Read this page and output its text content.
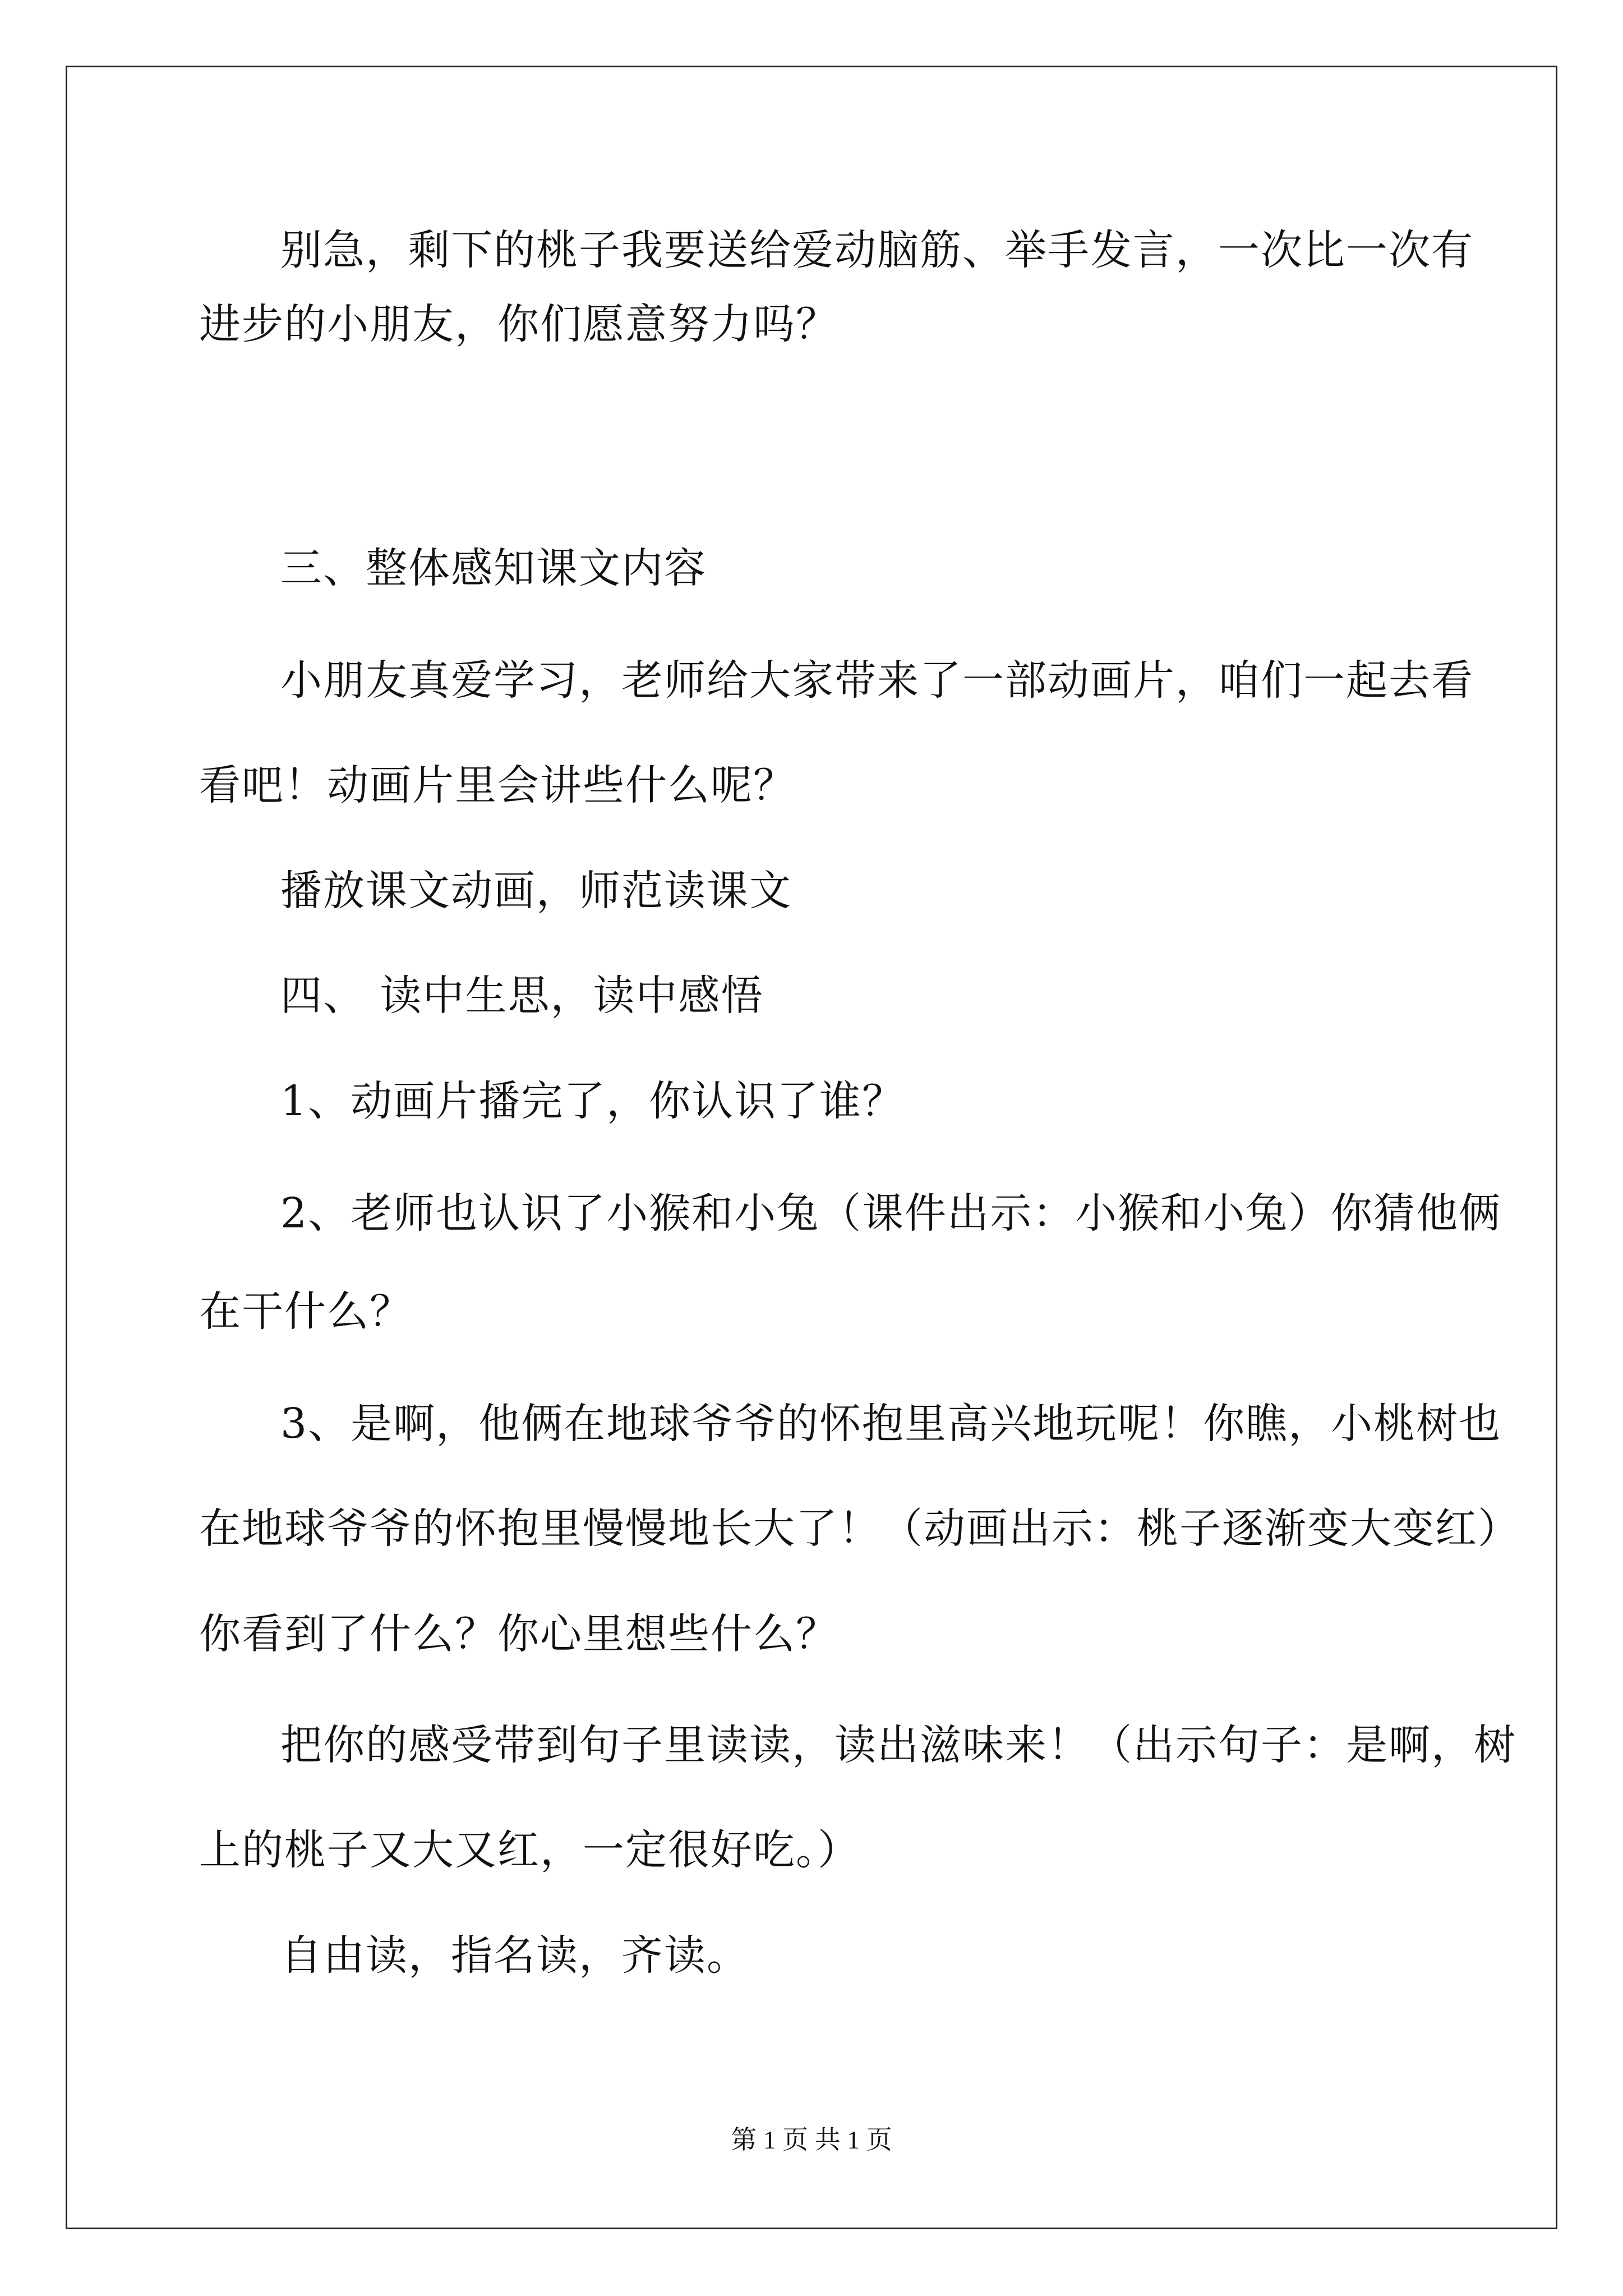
别急，剩下的桃子我要送给爱动脑筋、举手发言，一次比一次有
进步的小朋友，你们愿意努力吗？
三、整体感知课文内容
小朋友真爱学习，老师给大家带来了一部动画片，咱们一起去看
看吧！动画片里会讲些什么呢？
播放课文动画，师范读课文
四、 读中生思，读中感悟
1、动画片播完了，你认识了谁？
2、老师也认识了小猴和小兔（课件出示：小猴和小兔）你猜他俩
在干什么？
3、是啊，他俩在地球爷爷的怀抱里高兴地玩呢！你瞧，小桃树也
在地球爷爷的怀抱里慢慢地长大了！（动画出示：桃子逐渐变大变红）
你看到了什么？你心里想些什么？
把你的感受带到句子里读读，读出滋味来！（出示句子：是啊，树
上的桃子又大又红，一定很好吃。）
自由读，指名读，齐读。
第 1 页 共 1 页
